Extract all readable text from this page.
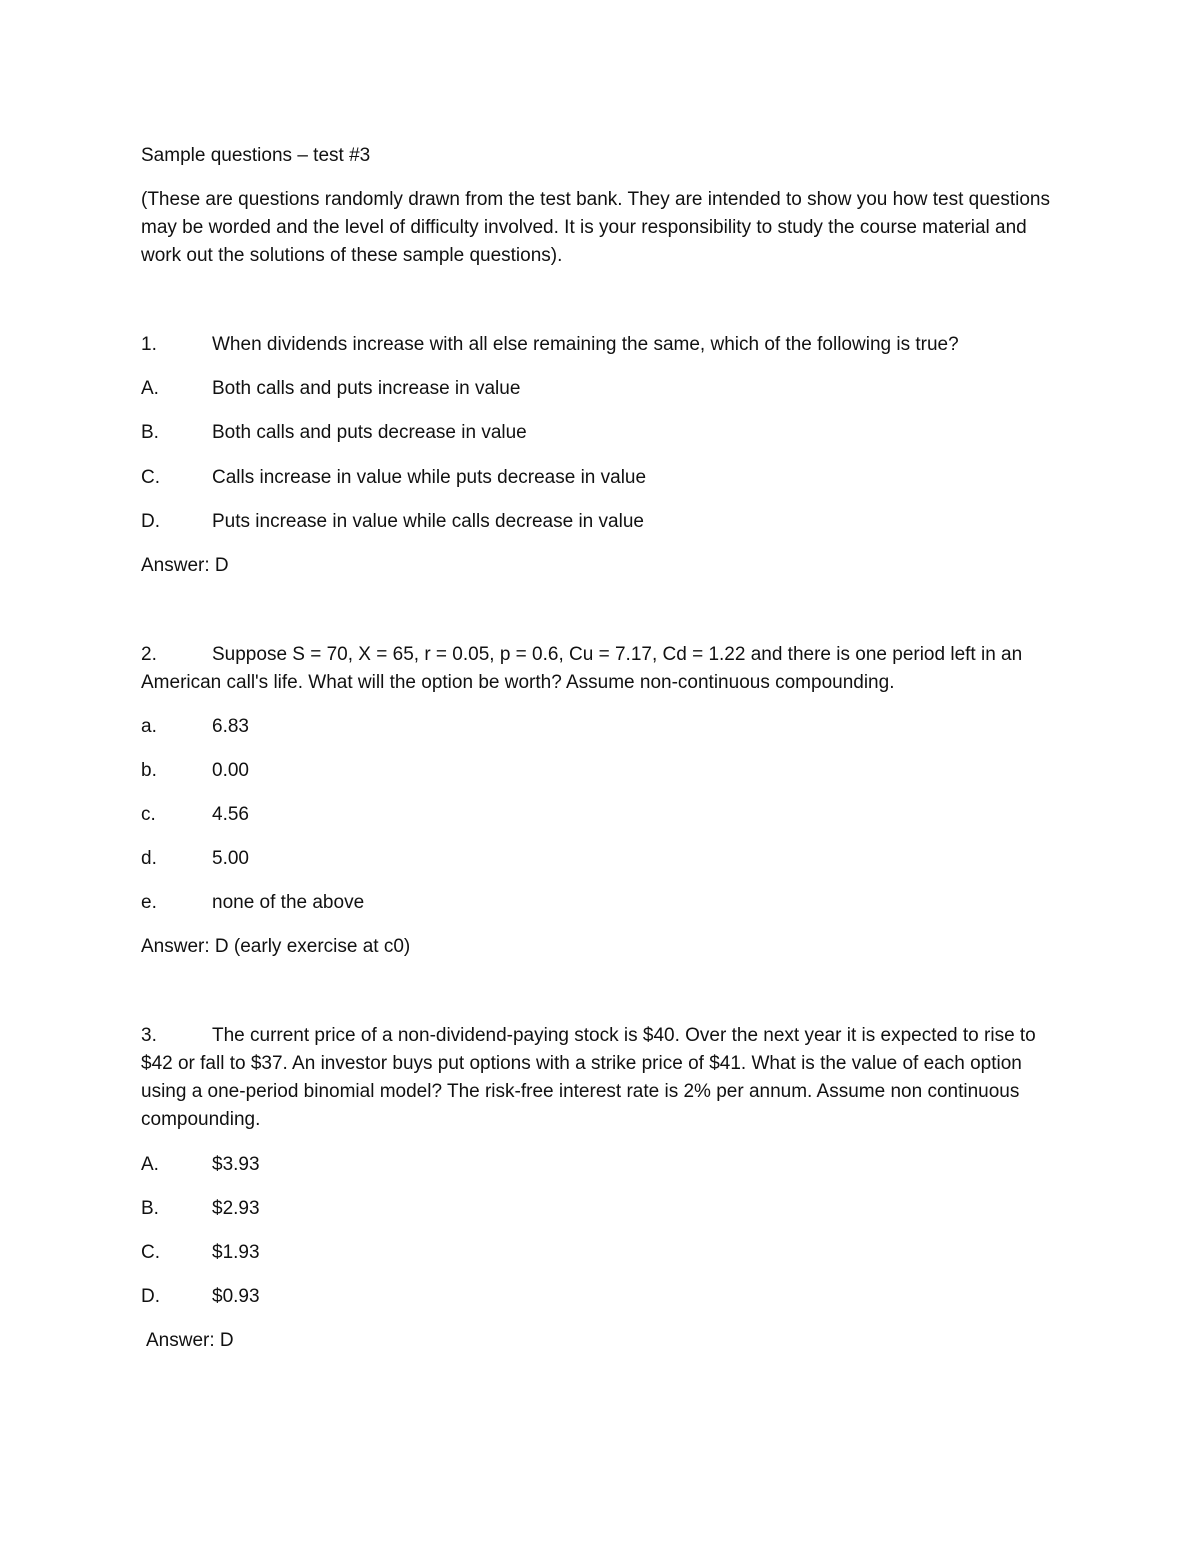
Sample questions – test #3

(These are questions randomly drawn from the test bank. They are intended to show you how test questions may be worded and the level of difficulty involved. It is your responsibility to study the course material and work out the solutions of these sample questions).

1.	When dividends increase with all else remaining the same, which of the following is true?

A.	Both calls and puts increase in value

B.	Both calls and puts decrease in value

C.	Calls increase in value while puts decrease in value

D.	Puts increase in value while calls decrease in value

Answer: D

2.	Suppose S = 70, X = 65, r = 0.05, p = 0.6, Cu = 7.17, Cd = 1.22 and there is one period left in an American call's life. What will the option be worth? Assume non-continuous compounding.

a.	6.83

b.	0.00

c.	4.56

d.	5.00

e.	none of the above

Answer: D (early exercise at c0)

3.	The current price of a non-dividend-paying stock is $40. Over the next year it is expected to rise to $42 or fall to $37. An investor buys put options with a strike price of $41. What is the value of each option using a one-period binomial model? The risk-free interest rate is 2% per annum. Assume non continuous compounding.

A.	$3.93

B.	$2.93

C.	$1.93

D.	$0.93

Answer: D
